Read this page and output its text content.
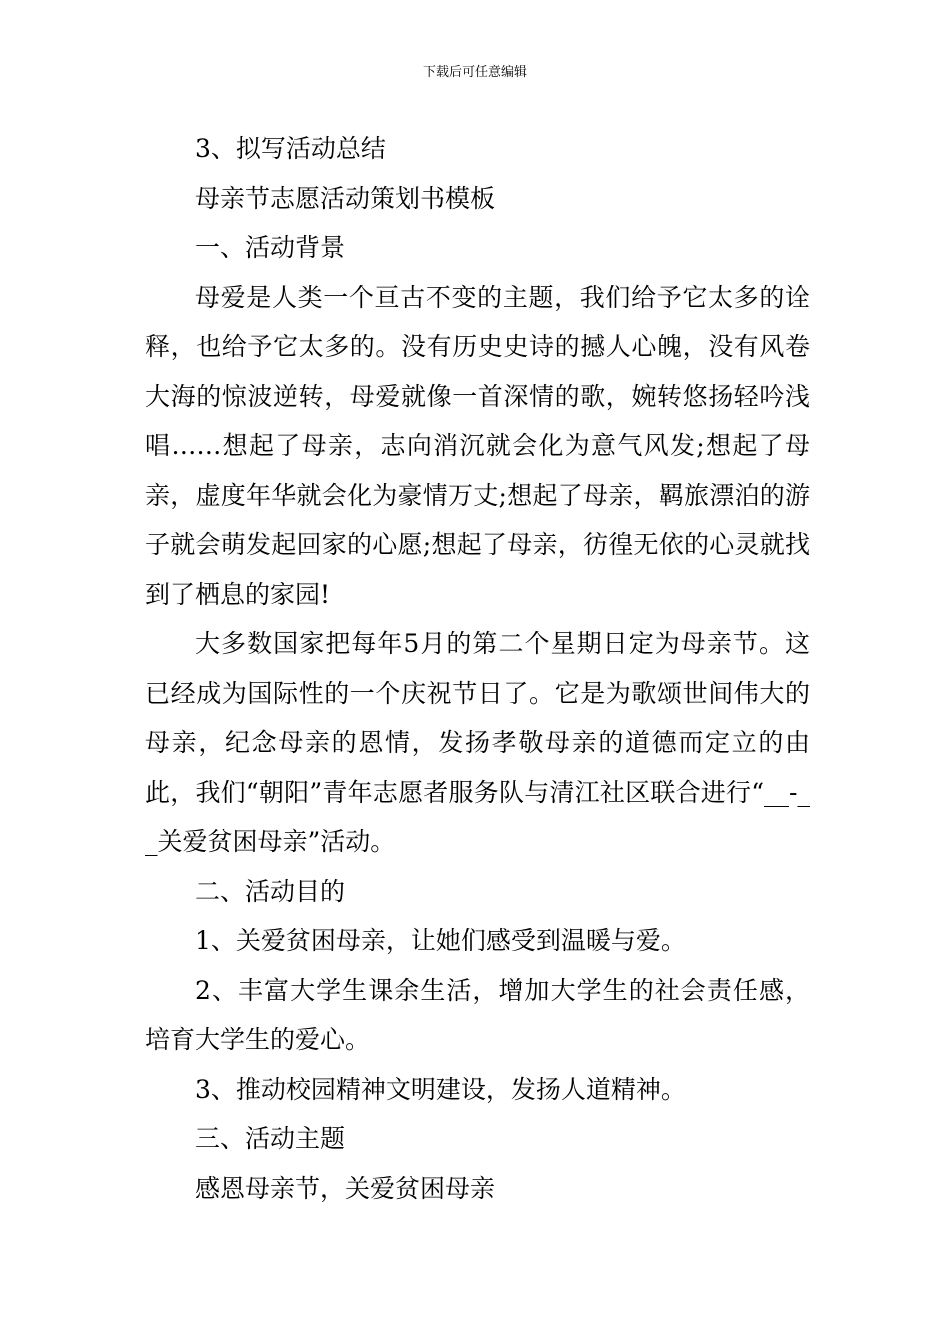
下载后可任意编辑

3、拟写活动总结

母亲节志愿活动策划书模板

一、活动背景

母爱是人类一个亘古不变的主题，我们给予它太多的诠释，也给予它太多的。没有历史史诗的撼人心魄，没有风卷大海的惊波逆转，母爱就像一首深情的歌，婉转悠扬轻吟浅唱……想起了母亲，志向消沉就会化为意气风发;想起了母亲，虚度年华就会化为豪情万丈;想起了母亲，羁旅漂泊的游子就会萌发起回家的心愿;想起了母亲，彷徨无依的心灵就找到了栖息的家园!

大多数国家把每年5月的第二个星期日定为母亲节。这已经成为国际性的一个庆祝节日了。它是为歌颂世间伟大的母亲，纪念母亲的恩情，发扬孝敬母亲的道德而定立的由此，我们“朝阳”青年志愿者服务队与清江社区联合进行“__-__关爱贫困母亲”活动。

二、活动目的

1、关爱贫困母亲，让她们感受到温暖与爱。

2、丰富大学生课余生活，增加大学生的社会责任感，培育大学生的爱心。

3、推动校园精神文明建设，发扬人道精神。

三、活动主题

感恩母亲节，关爱贫困母亲
